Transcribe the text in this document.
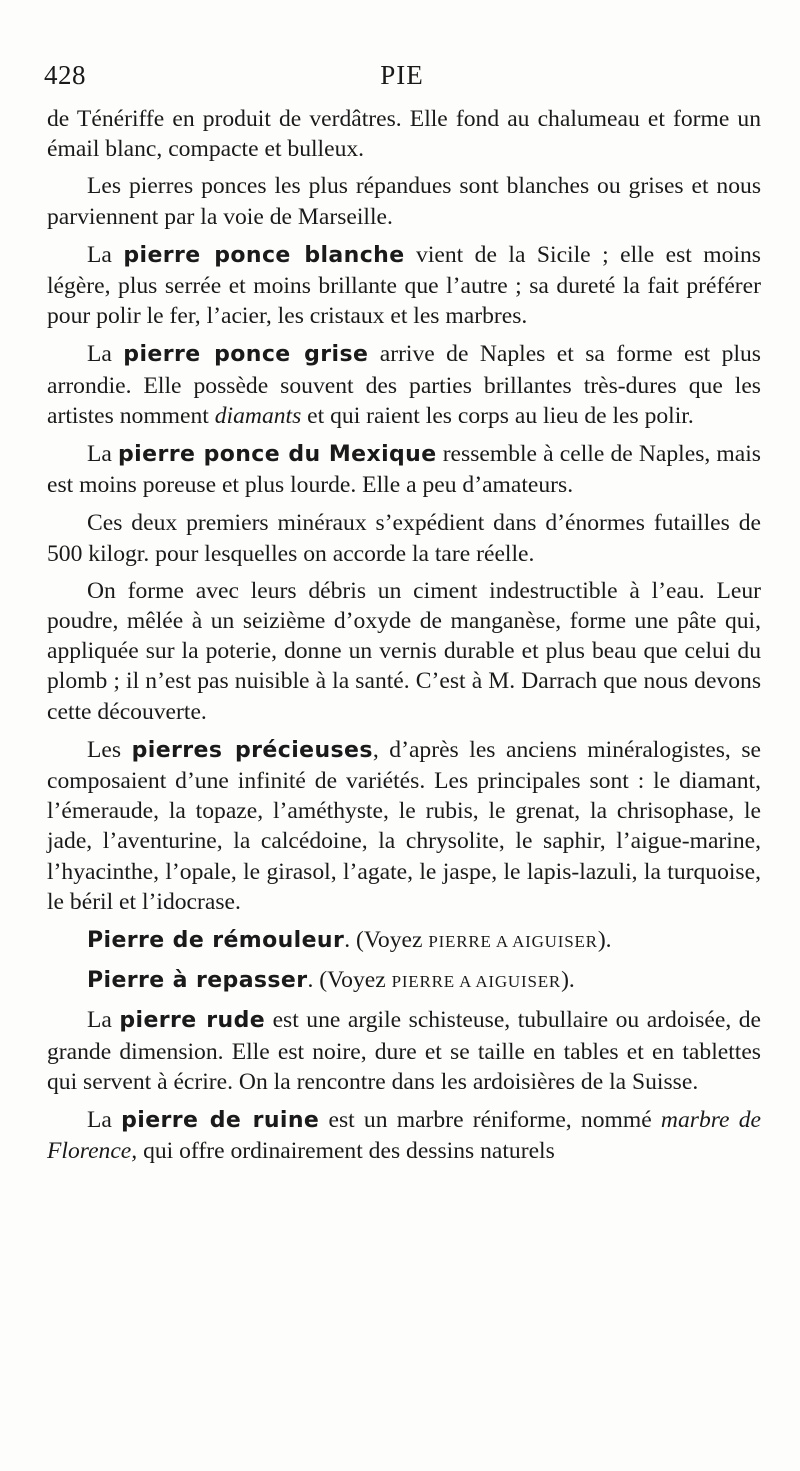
428	PIE

de Ténériffe en produit de verdâtres. Elle fond au chalumeau et forme un émail blanc, compacte et bulleux.

Les pierres ponces les plus répandues sont blanches ou grises et nous parviennent par la voie de Marseille.

La pierre ponce blanche vient de la Sicile ; elle est moins légère, plus serrée et moins brillante que l’autre ; sa dureté la fait préférer pour polir le fer, l’acier, les cristaux et les marbres.

La pierre ponce grise arrive de Naples et sa forme est plus arrondie. Elle possède souvent des parties brillantes très-dures que les artistes nomment diamants et qui raient les corps au lieu de les polir.

La pierre ponce du Mexique ressemble à celle de Naples, mais est moins poreuse et plus lourde. Elle a peu d’amateurs.

Ces deux premiers minéraux s’expédient dans d’énormes futailles de 500 kilogr. pour lesquelles on accorde la tare réelle.

On forme avec leurs débris un ciment indestructible à l’eau. Leur poudre, mêlée à un seizième d’oxyde de manganèse, forme une pâte qui, appliquée sur la poterie, donne un vernis durable et plus beau que celui du plomb ; il n’est pas nuisible à la santé. C’est à M. Darrach que nous devons cette découverte.

Les pierres précieuses, d’après les anciens minéralogistes, se composaient d’une infinité de variétés. Les principales sont : le diamant, l’émeraude, la topaze, l’améthyste, le rubis, le grenat, la chrisophase, le jade, l’aventurine, la calcédoine, la chrysolite, le saphir, l’aigue-marine, l’hyacinthe, l’opale, le girasol, l’agate, le jaspe, le lapis-lazuli, la turquoise, le béril et l’idocrase.

Pierre de rémouleur. (Voyez PIERRE A AIGUISER).

Pierre à repasser. (Voyez PIERRE A AIGUISER).

La pierre rude est une argile schisteuse, tubullaire ou ardoisée, de grande dimension. Elle est noire, dure et se taille en tables et en tablettes qui servent à écrire. On la rencontre dans les ardoisières de la Suisse.

La pierre de ruine est un marbre réniforme, nommé marbre de Florence, qui offre ordinairement des dessins naturels
